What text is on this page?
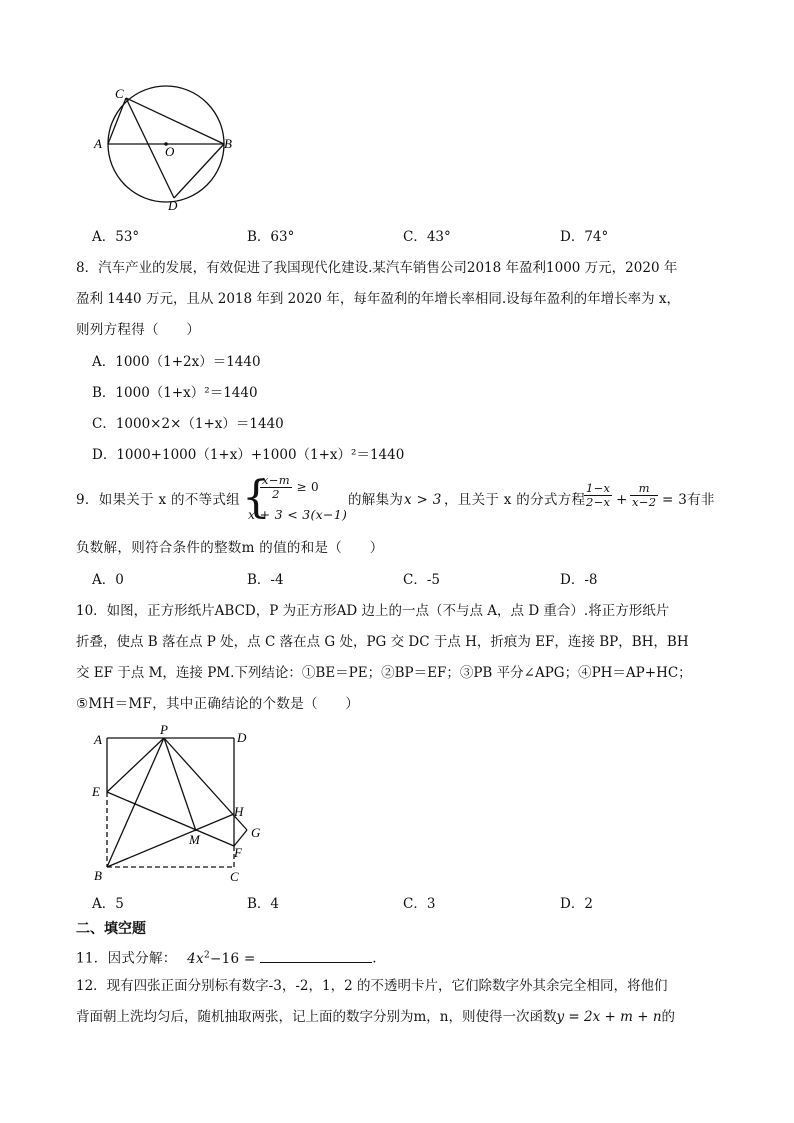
C
A
O
B
D
A．53°	B．63°	C．43°	D．74°
8．汽车产业的发展，有效促进了我国现代化建设.某汽车销售公司2018 年盈利1000 万元，2020 年
盈利 1440 万元，且从 2018 年到 2020 年，每年盈利的年增长率相同.设每年盈利的年增长率为 x，
则列方程得（　　）
A．1000（1+2x）＝1440
B．1000（1+x）²＝1440
C．1000×2×（1+x）＝1440
D．1000+1000（1+x）+1000（1+x）²＝1440
9．如果关于 x 的不等式组 {
$\frac{x-m}{2} \ge 0$
x + 3 < 3(x−1)
的解集为 x > 3 ，且关于 x 的分式方程
$\frac{1-x}{2-x} + \frac{m}{x-2} = 3$有非
负数解，则符合条件的整数m 的值的和是（　　）
A．0	B．-4	C．-5	D．-8
10．如图，正方形纸片ABCD，P 为正方形AD 边上的一点（不与点 A，点 D 重合）.将正方形纸片
折叠，使点 B 落在点 P 处，点 C 落在点 G 处，PG 交 DC 于点 H，折痕为 EF，连接 BP，BH，BH
交 EF 于点 M，连接 PM.下列结论：①BE＝PE；②BP＝EF；③PB 平分∠APG；④PH＝AP+HC；
⑤MH＝MF，其中正确结论的个数是（　　）
A
P
D
E
H
G
M
F
B	C
A．5	B．4	C．3	D．2
二、填空题
11．因式分解： $4x^2-16$ =	.
12．现有四张正面分别标有数字-3，-2，1，2 的不透明卡片，它们除数字外其余完全相同，将他们
背面朝上洗均匀后，随机抽取两张，记上面的数字分别为m，n，则使得一次函数y = 2x + m + n的
